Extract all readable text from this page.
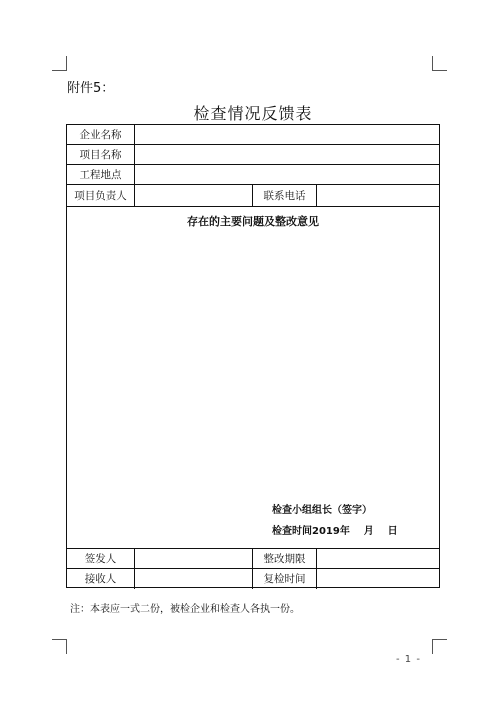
附件5：
检查情况反馈表
企业名称
项目名称
工程地点
项目负责人	联系电话
存在的主要问题及整改意见
检查小组组长（签字）
检查时间2019年    月    日
签发人	整改期限
接收人	复检时间
注：本表应一式二份，被检企业和检查人各执一份。
- 1 -
